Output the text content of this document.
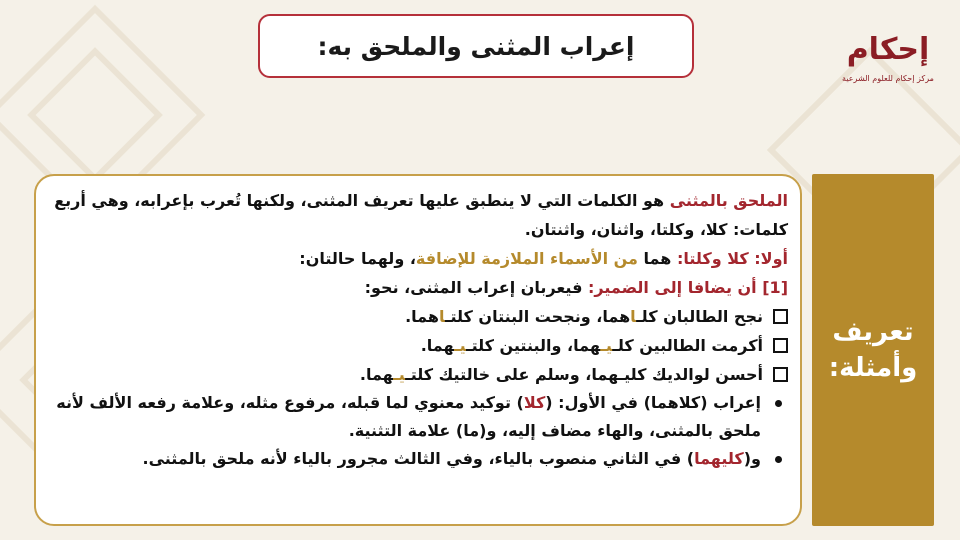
إعراب المثنى والملحق به:	إحكام
مركز إحكام للعلوم الشرعية

الملحق بالمثنى هو الكلمات التي لا ينطبق عليها تعريف المثنى، ولكنها تُعرب بإعرابه، وهي أربع كلمات: كلا، وكلتا، واثنان، واثنتان.

أولا: كلا وكلتا: هما من الأسماء الملازمة للإضافة، ولهما حالتان:

[1] أن يضافا إلى الضمير: فيعربان إعراب المثنى، نحو:

نجح الطالبان كلـاهما، ونجحت البنتان كلتـاهما.
أكرمت الطالبين كلـيـهما، والبنتين كلتـيـهما.
أحسن لوالديك كليـهما، وسلم على خالتيك كلتـيـهما.
إعراب (كلاهما) في الأول: (كلا) توكيد معنوي لما قبله، مرفوع مثله، وعلامة رفعه الألف لأنه ملحق بالمثنى، والهاء مضاف إليه، و(ما) علامة التثنية.
و(كليهما) في الثاني منصوب بالياء، وفي الثالث مجرور بالياء لأنه ملحق بالمثنى.
تعريف
وأمثلة:
